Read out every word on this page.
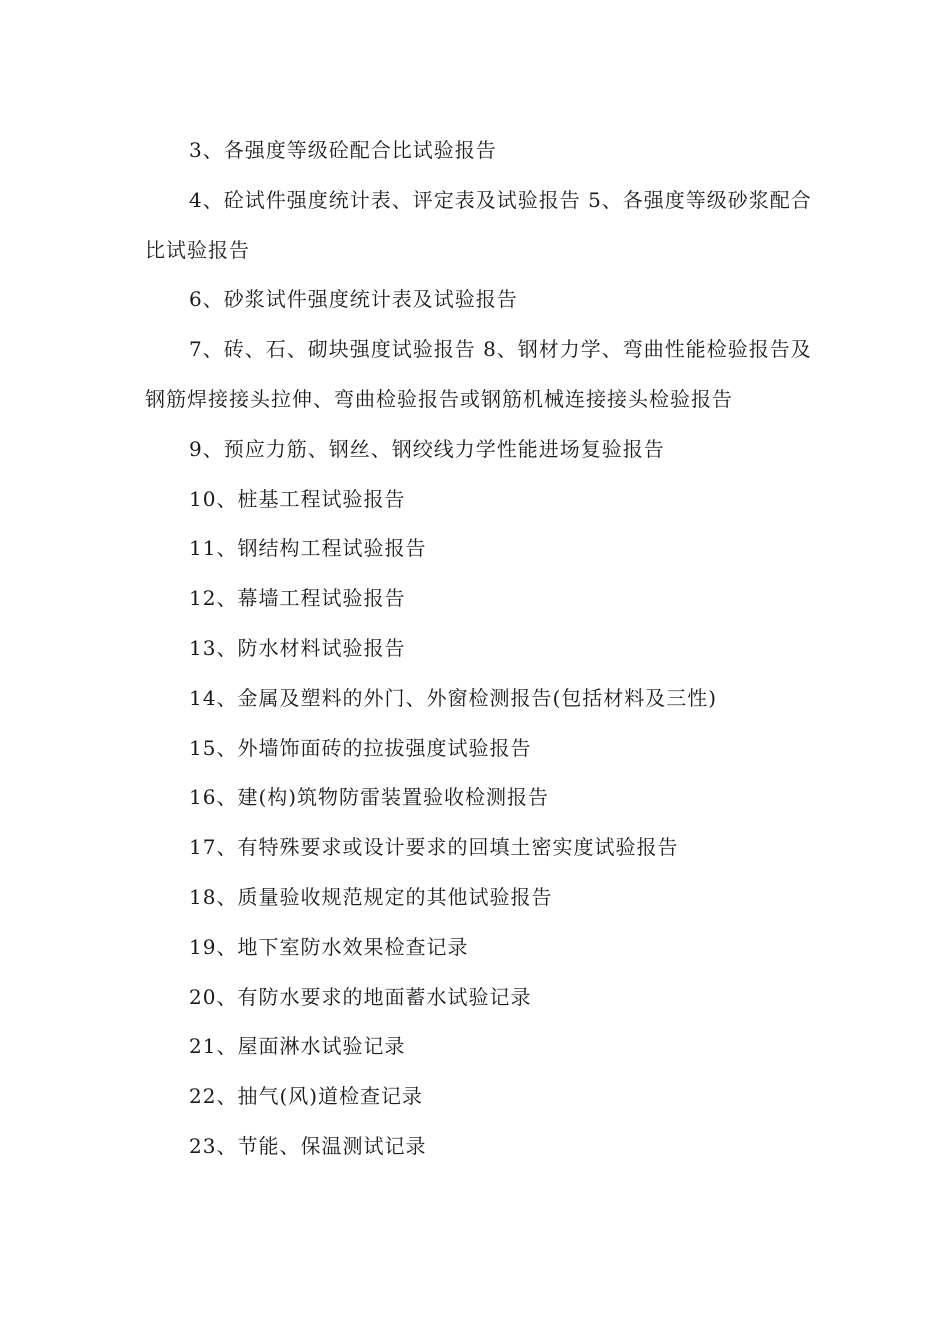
3、各强度等级砼配合比试验报告

4、砼试件强度统计表、评定表及试验报告 5、各强度等级砂浆配合比试验报告

6、砂浆试件强度统计表及试验报告

7、砖、石、砌块强度试验报告 8、钢材力学、弯曲性能检验报告及钢筋焊接接头拉伸、弯曲检验报告或钢筋机械连接接头检验报告

9、预应力筋、钢丝、钢绞线力学性能进场复验报告

10、桩基工程试验报告

11、钢结构工程试验报告

12、幕墙工程试验报告

13、防水材料试验报告

14、金属及塑料的外门、外窗检测报告(包括材料及三性)

15、外墙饰面砖的拉拔强度试验报告

16、建(构)筑物防雷装置验收检测报告

17、有特殊要求或设计要求的回填土密实度试验报告

18、质量验收规范规定的其他试验报告

19、地下室防水效果检查记录

20、有防水要求的地面蓄水试验记录

21、屋面淋水试验记录

22、抽气(风)道检查记录

23、节能、保温测试记录
